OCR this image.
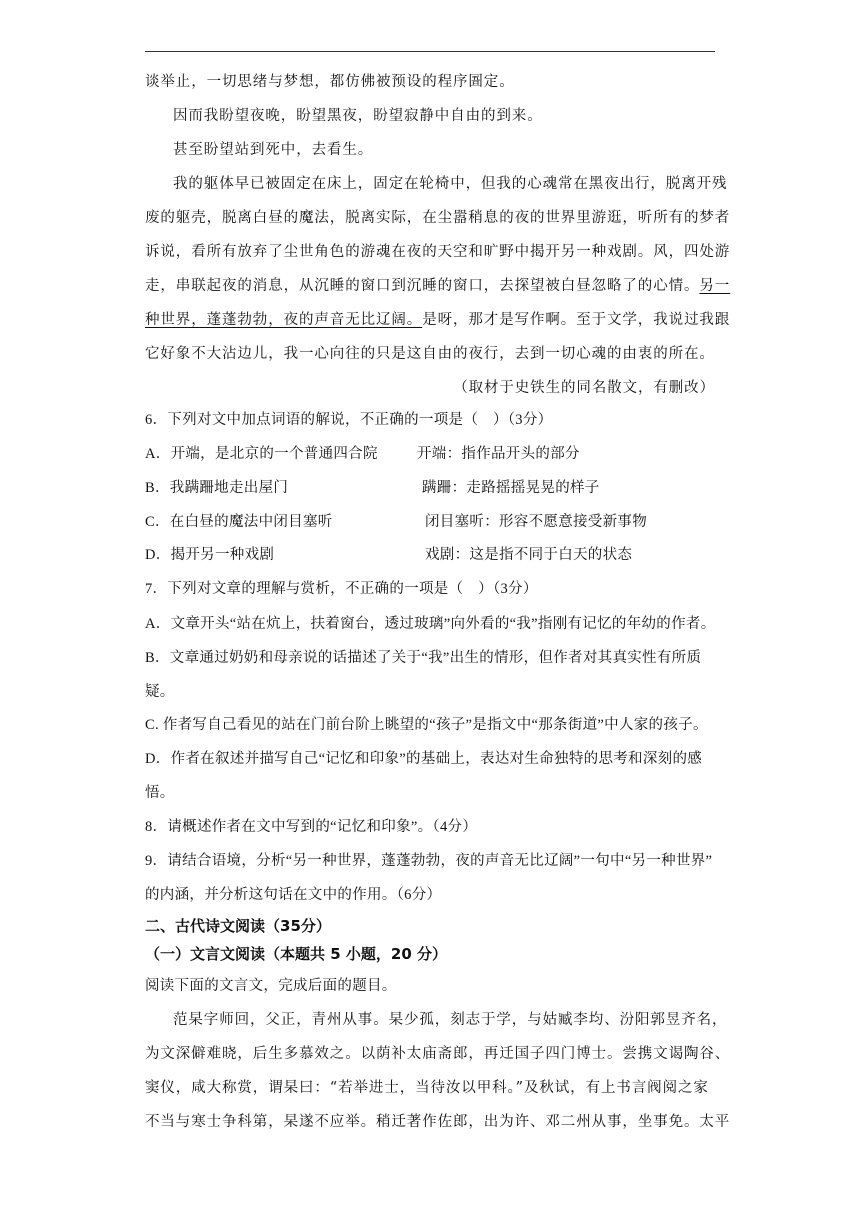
谈举止，一切思绪与梦想，都仿佛被预设的程序圄定。
因而我盼望夜晚，盼望黑夜，盼望寂静中自由的到来。
甚至盼望站到死中，去看生。
我的躯体早已被固定在床上，固定在轮椅中，但我的心魂常在黑夜出行，脱离开残
废的躯壳，脱离白昼的魔法，脱离实际，在尘嚣稍息的夜的世界里游逛，听所有的梦者
诉说，看所有放弃了尘世角色的游魂在夜的天空和旷野中揭开另一种戏剧。风，四处游
走，串联起夜的消息，从沉睡的窗口到沉睡的窗口，去探望被白昼忽略了的心情。另一
种世界，蓬蓬勃勃，夜的声音无比辽阔。是呀，那才是写作啊。至于文学，我说过我跟
它好象不大沾边儿，我一心向往的只是这自由的夜行，去到一切心魂的由衷的所在。
（取材于史铁生的同名散文，有删改）
6．下列对文中加点词语的解说，不正确的一项是（　）（3分）
A．开端，是北京的一个普通四合院	开端：指作品开头的部分
B．我蹒跚地走出屋门	蹒跚：走路摇摇晃晃的样子
C．在白昼的魔法中闭目塞听	闭目塞听：形容不愿意接受新事物
D．揭开另一种戏剧	戏剧：这是指不同于白天的状态
7．下列对文章的理解与赏析，不正确的一项是（　）（3分）
A．文章开头“站在炕上，扶着窗台，透过玻璃”向外看的“我”指刚有记忆的年幼的作者。
B．文章通过奶奶和母亲说的话描述了关于“我”出生的情形，但作者对其真实性有所质
疑。
C. 作者写自己看见的站在门前台阶上眺望的“孩子”是指文中“那条街道”中人家的孩子。
D．作者在叙述并描写自己“记忆和印象”的基础上，表达对生命独特的思考和深刻的感
悟。
8．请概述作者在文中写到的“记忆和印象”。（4分）
9．请结合语境，分析“另一种世界，蓬蓬勃勃，夜的声音无比辽阔”一句中“另一种世界”
的内涵，并分析这句话在文中的作用。（6分）
二、古代诗文阅读（35分）
（一）文言文阅读（本题共 5 小题，20 分）
阅读下面的文言文，完成后面的题目。
范杲字师回，父正，青州从事。杲少孤，刻志于学，与姑臧李均、汾阳郭昱齐名，
为文深僻难晓，后生多慕效之。以荫补太庙斋郎，再迁国子四门博士。尝携文谒陶谷、
窦仪，咸大称赏，谓杲曰：“若举进士，当待汝以甲科。”及秋试，有上书言阀阅之家
不当与寒士争科第，杲遂不应举。稍迁著作佐郎，出为许、邓二州从事，坐事免。太平
